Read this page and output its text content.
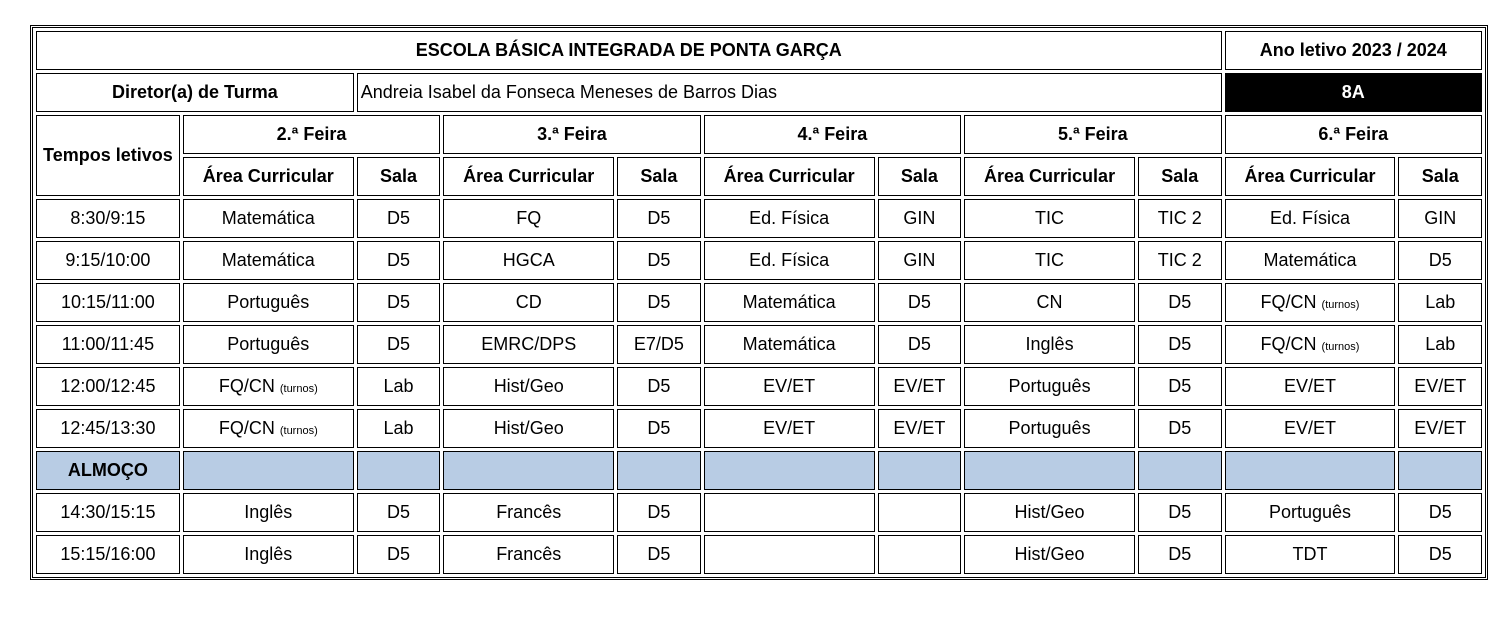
ESCOLA BÁSICA INTEGRADA DE PONTA GARÇA									Ano letivo 2023 / 2024	
Diretor(a) de Turma		Andreia Isabel da Fonseca Meneses de Barros Dias							8A	
Tempos letivos	2.ª Feira		3.ª Feira		4.ª Feira		5.ª Feira		6.ª Feira	
	Área Curricular	Sala	Área Curricular	Sala	Área Curricular	Sala	Área Curricular	Sala	Área Curricular	Sala
8:30/9:15	Matemática	D5	FQ	D5	Ed. Física	GIN	TIC	TIC 2	Ed. Física	GIN
9:15/10:00	Matemática	D5	HGCA	D5	Ed. Física	GIN	TIC	TIC 2	Matemática	D5
10:15/11:00	Português	D5	CD	D5	Matemática	D5	CN	D5	FQ/CN (turnos)	Lab
11:00/11:45	Português	D5	EMRC/DPS	E7/D5	Matemática	D5	Inglês	D5	FQ/CN (turnos)	Lab
12:00/12:45	FQ/CN (turnos)	Lab	Hist/Geo	D5	EV/ET	EV/ET	Português	D5	EV/ET	EV/ET
12:45/13:30	FQ/CN (turnos)	Lab	Hist/Geo	D5	EV/ET	EV/ET	Português	D5	EV/ET	EV/ET
ALMOÇO										
14:30/15:15	Inglês	D5	Francês	D5			Hist/Geo	D5	Português	D5
15:15/16:00	Inglês	D5	Francês	D5			Hist/Geo	D5	TDT	D5
